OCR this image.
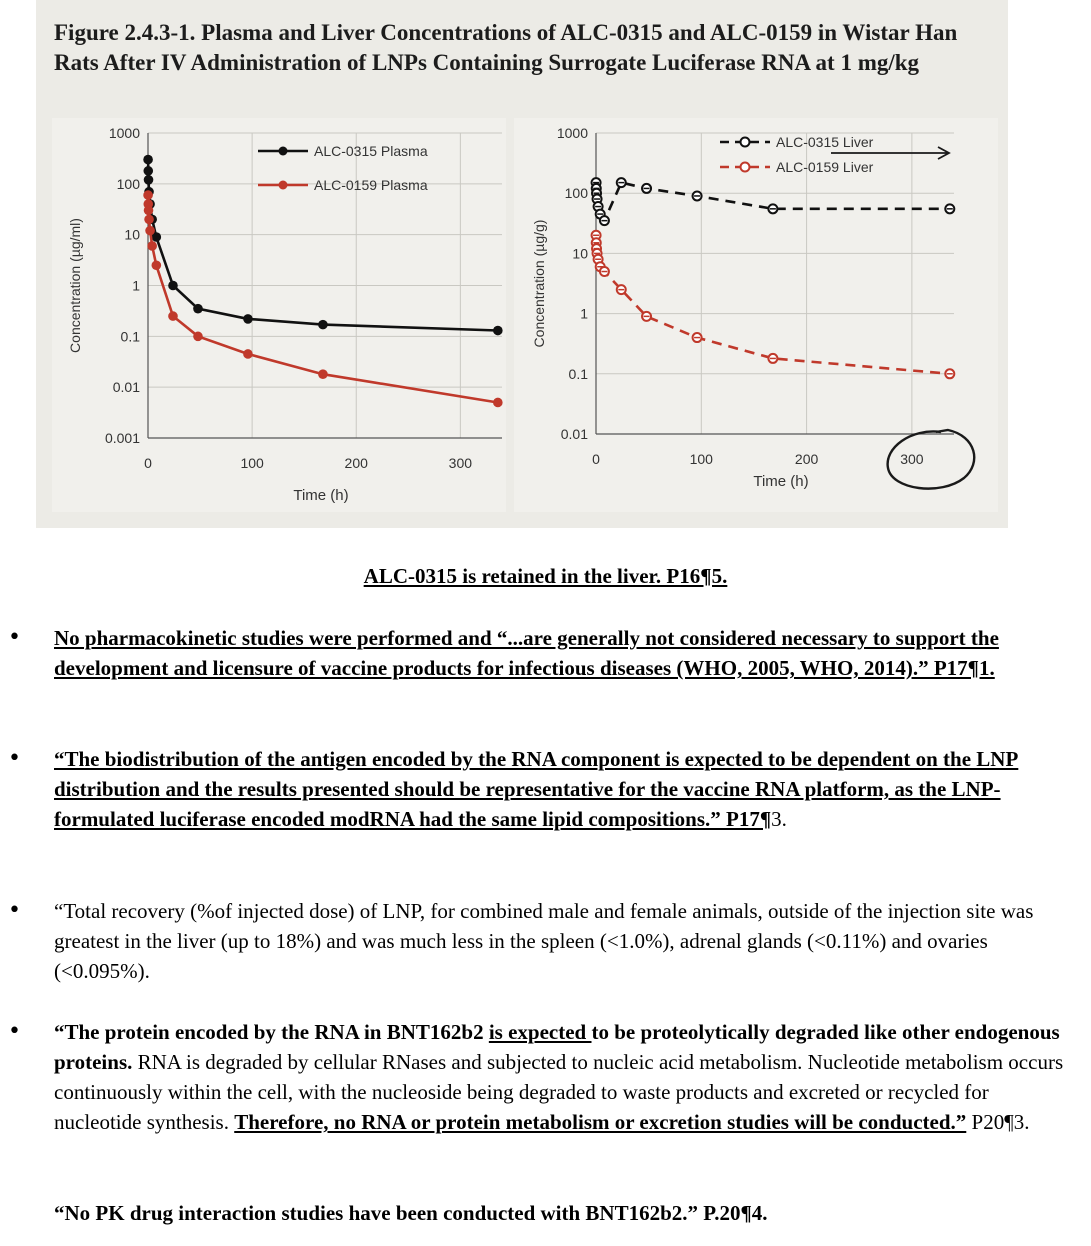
Figure 2.4.3-1. Plasma and Liver Concentrations of ALC-0315 and ALC-0159 in Wistar Han Rats After IV Administration of LNPs Containing Surrogate Luciferase RNA at 1 mg/kg
1000
100
10
1
0.1
0.01
0.001
0	100	200	300
Time (h)
Concentration (µg/ml)
ALC-0315 Plasma
ALC-0159 Plasma
1000
100
10
1
0.1
0.01
0	100	200	300
Time (h)
Concentration (µg/g)
ALC-0315 Liver
ALC-0159 Liver
ALC-0315 is retained in the liver. P16¶5.
• No pharmacokinetic studies were performed and “...are generally not considered necessary to support the development and licensure of vaccine products for infectious diseases (WHO, 2005, WHO, 2014).” P17¶1.
• “The biodistribution of the antigen encoded by the RNA component is expected to be dependent on the LNP distribution and the results presented should be representative for the vaccine RNA platform, as the LNP-formulated luciferase encoded modRNA had the same lipid compositions.” P17¶3.
• “Total recovery (%of injected dose) of LNP, for combined male and female animals, outside of the injection site was greatest in the liver (up to 18%) and was much less in the spleen (<1.0%), adrenal glands (<0.11%) and ovaries (<0.095%).
• “The protein encoded by the RNA in BNT162b2 is expected to be proteolytically degraded like other endogenous proteins. RNA is degraded by cellular RNases and subjected to nucleic acid metabolism. Nucleotide metabolism occurs continuously within the cell, with the nucleoside being degraded to waste products and excreted or recycled for nucleotide synthesis. Therefore, no RNA or protein metabolism or excretion studies will be conducted.” P20¶3.
“No PK drug interaction studies have been conducted with BNT162b2.” P.20¶4.
